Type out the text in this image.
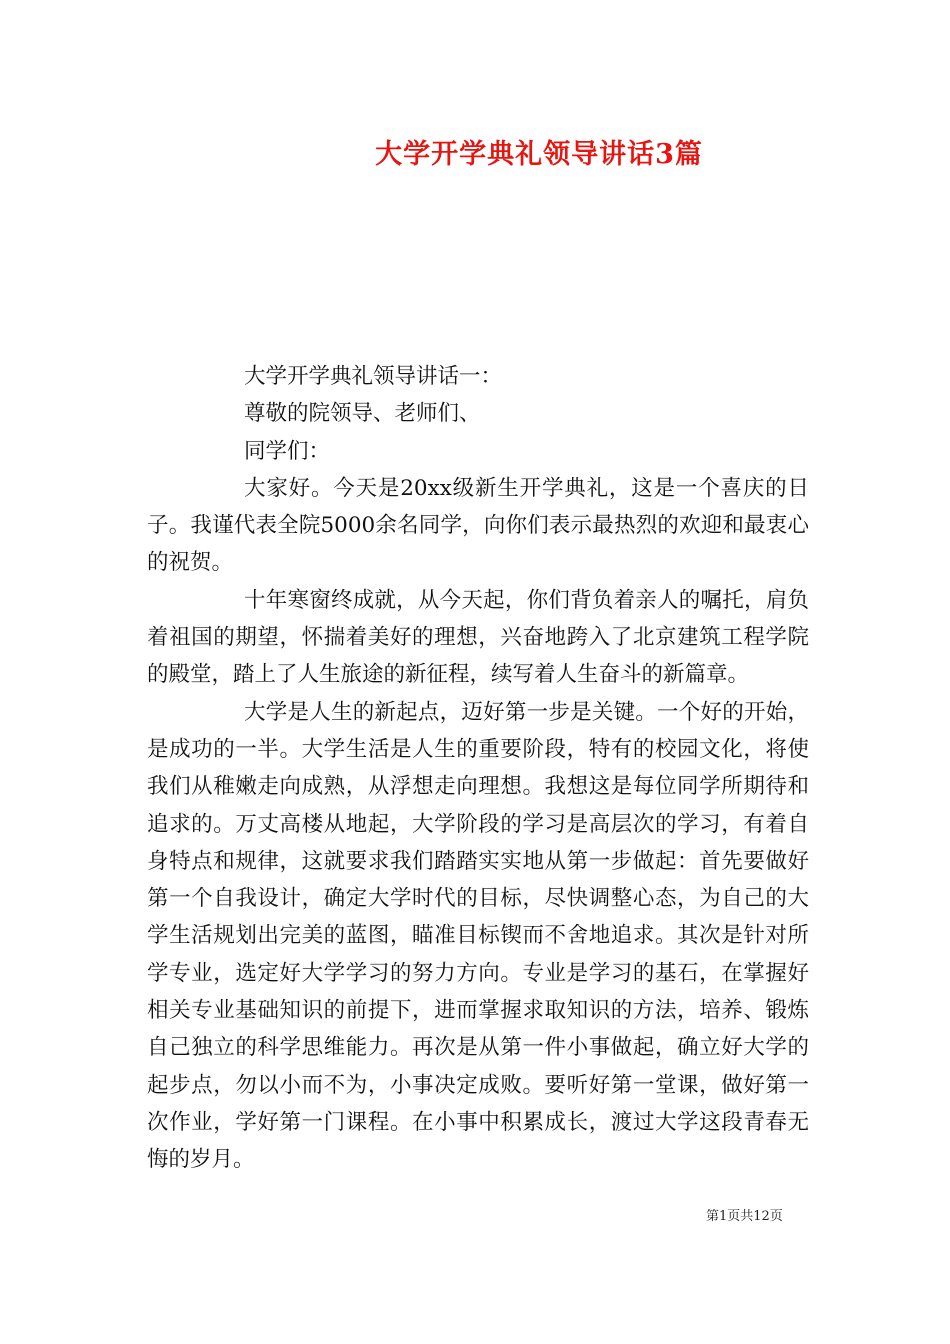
大学开学典礼领导讲话3篇
大学开学典礼领导讲话一：
尊敬的院领导、老师们、
同学们：

大家好。今天是20xx级新生开学典礼，这是一个喜庆的日子。我谨代表全院5000余名同学，向你们表示最热烈的欢迎和最衷心的祝贺。

十年寒窗终成就，从今天起，你们背负着亲人的嘱托，肩负着祖国的期望，怀揣着美好的理想，兴奋地跨入了北京建筑工程学院的殿堂，踏上了人生旅途的新征程，续写着人生奋斗的新篇章。

大学是人生的新起点，迈好第一步是关键。一个好的开始，是成功的一半。大学生活是人生的重要阶段，特有的校园文化，将使我们从稚嫩走向成熟，从浮想走向理想。我想这是每位同学所期待和追求的。万丈高楼从地起，大学阶段的学习是高层次的学习，有着自身特点和规律，这就要求我们踏踏实实地从第一步做起：首先要做好第一个自我设计，确定大学时代的目标，尽快调整心态，为自己的大学生活规划出完美的蓝图，瞄准目标锲而不舍地追求。其次是针对所学专业，选定好大学学习的努力方向。专业是学习的基石，在掌握好相关专业基础知识的前提下，进而掌握求取知识的方法，培养、锻炼自己独立的科学思维能力。再次是从第一件小事做起，确立好大学的起步点，勿以小而不为，小事决定成败。要听好第一堂课，做好第一次作业，学好第一门课程。在小事中积累成长，渡过大学这段青春无悔的岁月。

第1页共12页
